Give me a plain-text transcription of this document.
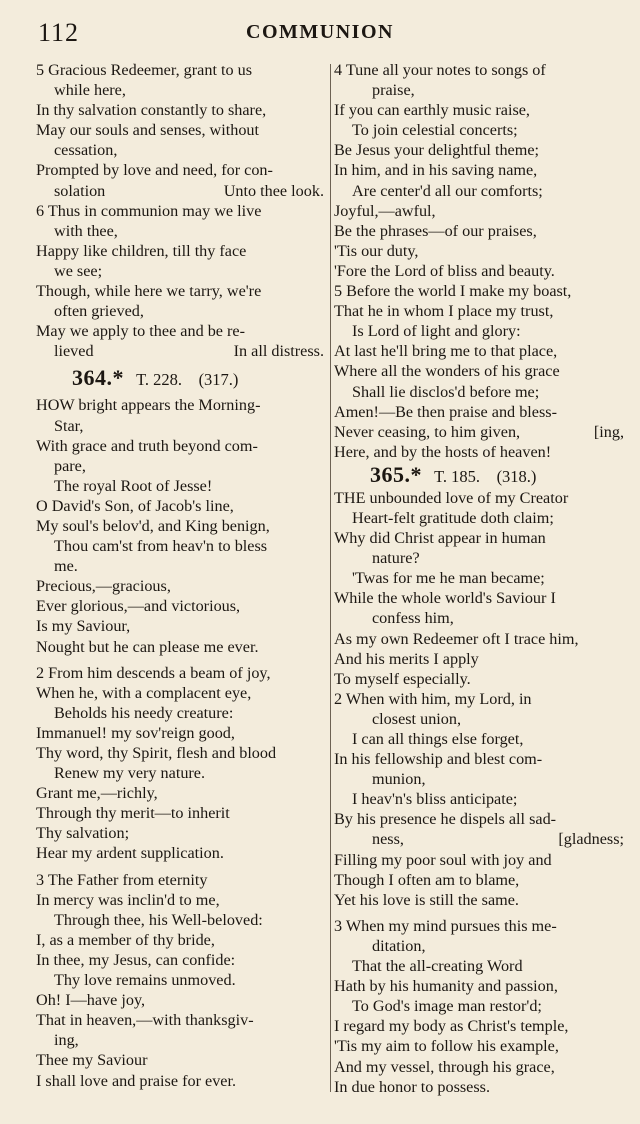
112	COMMUNION
5 Gracious Redeemer, grant to us
while here,
In thy salvation constantly to share,
May our souls and senses, without
cessation,
Prompted by love and need, for con-
solation	Unto thee look.
6 Thus in communion may we live
with thee,
Happy like children, till thy face
we see;
Though, while here we tarry, we're
often grieved,
May we apply to thee and be re-
lieved	In all distress.
364.* T. 228. (317.)
HOW bright appears the Morning-
Star,
With grace and truth beyond com-
pare,
The royal Root of Jesse!
O David's Son, of Jacob's line,
My soul's belov'd, and King benign,
Thou cam'st from heav'n to bless
me.
Precious,—gracious,
Ever glorious,—and victorious,
Is my Saviour,
Nought but he can please me ever.
2 From him descends a beam of joy,
When he, with a complacent eye,
Beholds his needy creature:
Immanuel! my sov'reign good,
Thy word, thy Spirit, flesh and blood
Renew my very nature.
Grant me,—richly,
Through thy merit—to inherit
Thy salvation;
Hear my ardent supplication.
3 The Father from eternity
In mercy was inclin'd to me,
Through thee, his Well-beloved:
I, as a member of thy bride,
In thee, my Jesus, can confide:
Thy love remains unmoved.
Oh! I—have joy,
That in heaven,—with thanksgiv-
ing,
Thee my Saviour
I shall love and praise for ever.
4 Tune all your notes to songs of
praise,
If you can earthly music raise,
To join celestial concerts;
Be Jesus your delightful theme;
In him, and in his saving name,
Are center'd all our comforts;
Joyful,—awful,
Be the phrases—of our praises,
'Tis our duty,
'Fore the Lord of bliss and beauty.
5 Before the world I make my boast,
That he in whom I place my trust,
Is Lord of light and glory:
At last he'll bring me to that place,
Where all the wonders of his grace
Shall lie disclos'd before me;
Amen!—Be then praise and bless-
Never ceasing, to him given,	[ing,
Here, and by the hosts of heaven!
365.* T. 185. (318.)
THE unbounded love of my Creator
Heart-felt gratitude doth claim;
Why did Christ appear in human
nature?
'Twas for me he man became;
While the whole world's Saviour I
confess him,
As my own Redeemer oft I trace him,
And his merits I apply
To myself especially.
2 When with him, my Lord, in
closest union,
I can all things else forget,
In his fellowship and blest com-
munion,
I heav'n's bliss anticipate;
By his presence he dispels all sad-
ness,	[gladness;
Filling my poor soul with joy and
Though I often am to blame,
Yet his love is still the same.
3 When my mind pursues this me-
ditation,
That the all-creating Word
Hath by his humanity and passion,
To God's image man restor'd;
I regard my body as Christ's temple,
'Tis my aim to follow his example,
And my vessel, through his grace,
In due honor to possess.
